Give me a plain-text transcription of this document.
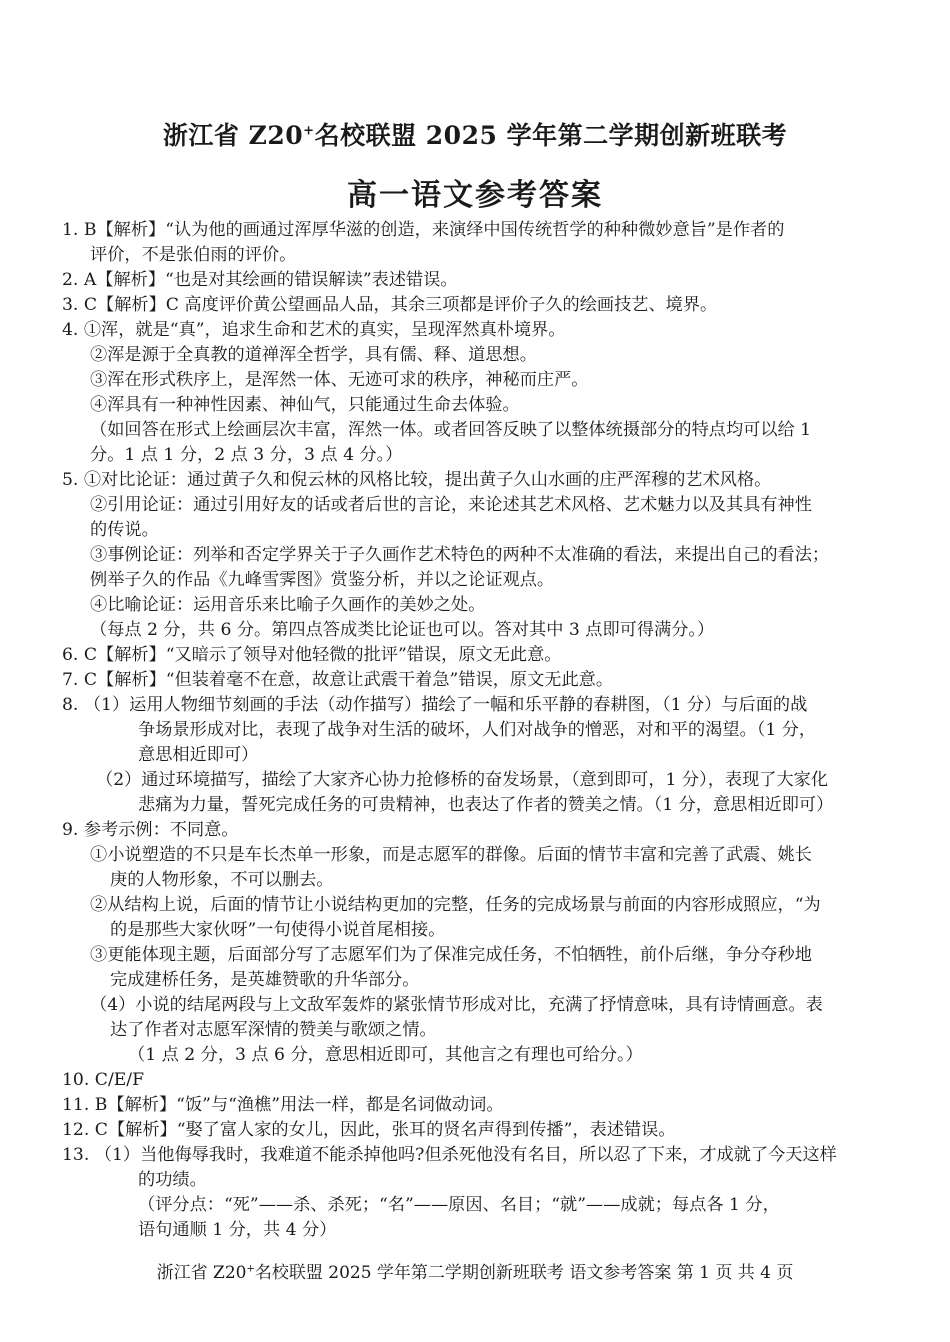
浙江省 Z20+名校联盟 2025 学年第二学期创新班联考
高一语文参考答案
1. B【解析】“认为他的画通过浑厚华滋的创造，来演绎中国传统哲学的种种微妙意旨”是作者的
评价，不是张伯雨的评价。
2. A【解析】“也是对其绘画的错误解读”表述错误。
3. C【解析】C 高度评价黄公望画品人品，其余三项都是评价子久的绘画技艺、境界。
4. ①浑，就是“真”，追求生命和艺术的真实，呈现浑然真朴境界。
②浑是源于全真教的道禅浑全哲学，具有儒、释、道思想。
③浑在形式秩序上，是浑然一体、无迹可求的秩序，神秘而庄严。
④浑具有一种神性因素、神仙气，只能通过生命去体验。
（如回答在形式上绘画层次丰富，浑然一体。或者回答反映了以整体统摄部分的特点均可以给 1
分。1 点 1 分，2 点 3 分，3 点 4 分。）
5. ①对比论证：通过黄子久和倪云林的风格比较，提出黄子久山水画的庄严浑穆的艺术风格。
②引用论证：通过引用好友的话或者后世的言论，来论述其艺术风格、艺术魅力以及其具有神性
的传说。
③事例论证：列举和否定学界关于子久画作艺术特色的两种不太准确的看法，来提出自己的看法；
例举子久的作品《九峰雪霁图》赏鉴分析，并以之论证观点。
④比喻论证：运用音乐来比喻子久画作的美妙之处。
（每点 2 分，共 6 分。第四点答成类比论证也可以。答对其中 3 点即可得满分。）
6. C【解析】“又暗示了领导对他轻微的批评”错误，原文无此意。
7. C【解析】“但装着毫不在意，故意让武震干着急”错误，原文无此意。
8. （1）运用人物细节刻画的手法（动作描写）描绘了一幅和乐平静的春耕图，（1 分）与后面的战
争场景形成对比，表现了战争对生活的破坏，人们对战争的憎恶，对和平的渴望。（1 分，
意思相近即可）
（2）通过环境描写，描绘了大家齐心协力抢修桥的奋发场景，（意到即可，1 分），表现了大家化
悲痛为力量，誓死完成任务的可贵精神，也表达了作者的赞美之情。（1 分，意思相近即可）
9. 参考示例：不同意。
①小说塑造的不只是车长杰单一形象，而是志愿军的群像。后面的情节丰富和完善了武震、姚长
庚的人物形象，不可以删去。
②从结构上说，后面的情节让小说结构更加的完整，任务的完成场景与前面的内容形成照应，“为
的是那些大家伙呀”一句使得小说首尾相接。
③更能体现主题，后面部分写了志愿军们为了保准完成任务，不怕牺牲，前仆后继，争分夺秒地
完成建桥任务，是英雄赞歌的升华部分。
（4）小说的结尾两段与上文敌军轰炸的紧张情节形成对比，充满了抒情意味，具有诗情画意。表
达了作者对志愿军深情的赞美与歌颂之情。
（1 点 2 分，3 点 6 分，意思相近即可，其他言之有理也可给分。）
10. C/E/F
11. B【解析】“饭”与“渔樵”用法一样，都是名词做动词。
12. C【解析】“娶了富人家的女儿，因此，张耳的贤名声得到传播”，表述错误。
13. （1）当他侮辱我时，我难道不能杀掉他吗?但杀死他没有名目，所以忍了下来，才成就了今天这样
的功绩。
（评分点：“死”——杀、杀死；“名”——原因、名目；“就”——成就；每点各 1 分，
语句通顺 1 分，共 4 分）
浙江省 Z20+名校联盟 2025 学年第二学期创新班联考 语文参考答案 第 1 页 共 4 页
